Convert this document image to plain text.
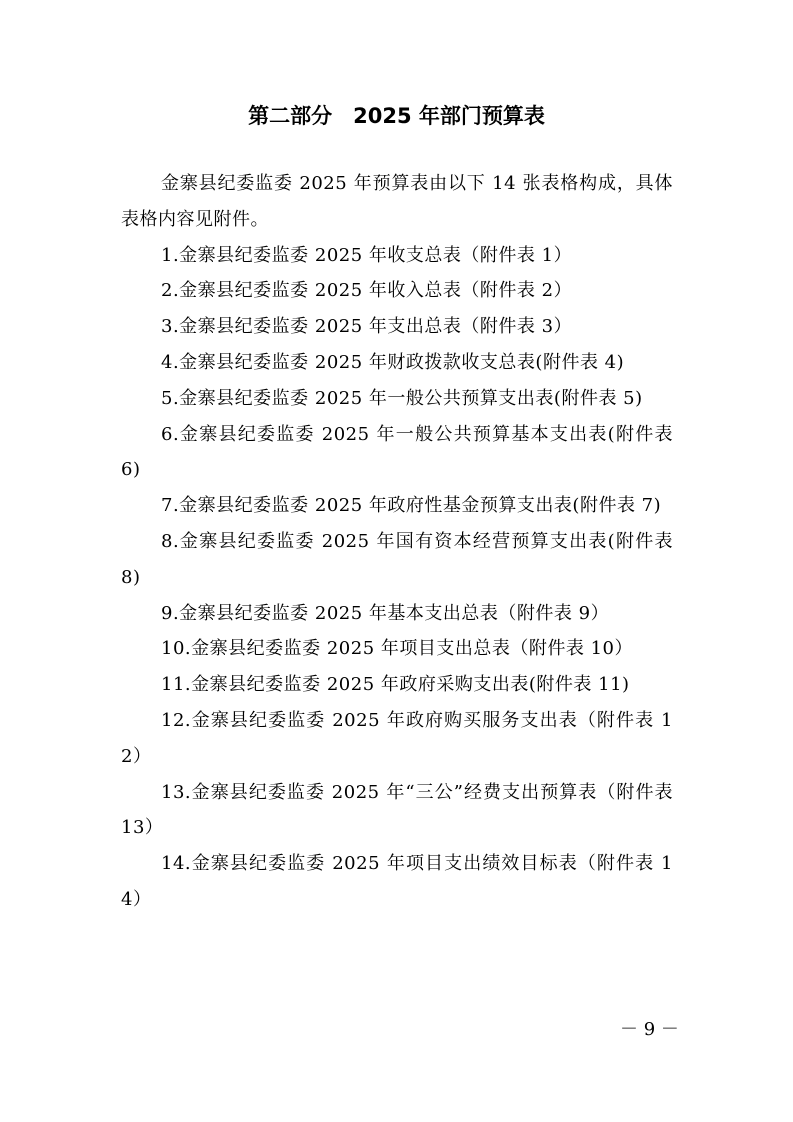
第二部分　2025 年部门预算表

金寨县纪委监委 2025 年预算表由以下 14 张表格构成，具体表格内容见附件。

1.金寨县纪委监委 2025 年收支总表（附件表 1）

2.金寨县纪委监委 2025 年收入总表（附件表 2）

3.金寨县纪委监委 2025 年支出总表（附件表 3）

4.金寨县纪委监委 2025 年财政拨款收支总表(附件表 4)

5.金寨县纪委监委 2025 年一般公共预算支出表(附件表 5)

6.金寨县纪委监委 2025 年一般公共预算基本支出表(附件表 6)

7.金寨县纪委监委 2025 年政府性基金预算支出表(附件表 7)

8.金寨县纪委监委 2025 年国有资本经营预算支出表(附件表 8)

9.金寨县纪委监委 2025 年基本支出总表（附件表 9）

10.金寨县纪委监委 2025 年项目支出总表（附件表 10）

11.金寨县纪委监委 2025 年政府采购支出表(附件表 11)

12.金寨县纪委监委 2025 年政府购买服务支出表（附件表 12）

13.金寨县纪委监委 2025 年“三公”经费支出预算表（附件表 13）

14.金寨县纪委监委 2025 年项目支出绩效目标表（附件表 14）

－ 9 －
